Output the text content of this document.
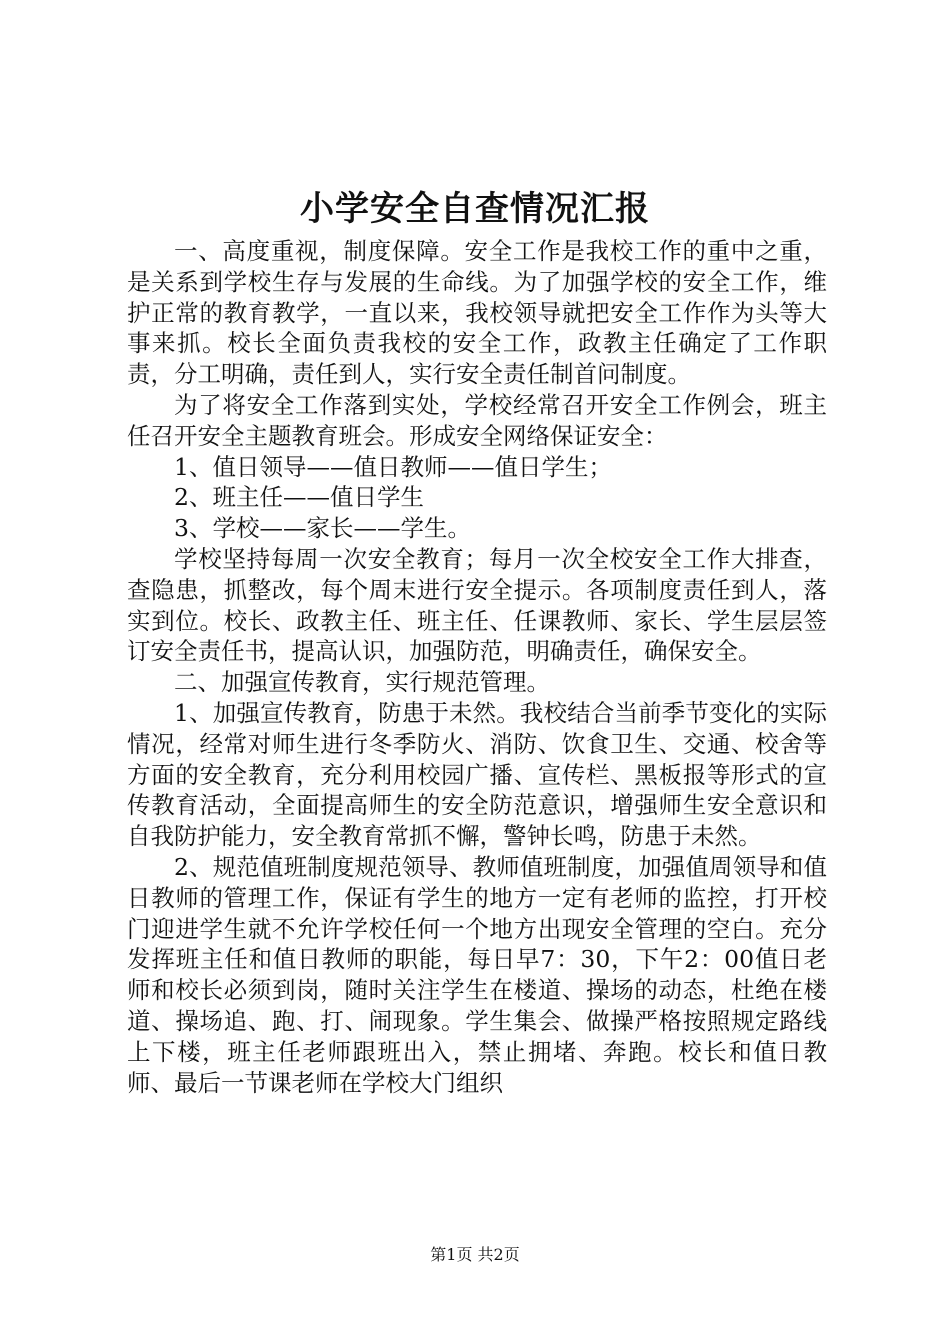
小学安全自查情况汇报

一、高度重视，制度保障。安全工作是我校工作的重中之重，是关系到学校生存与发展的生命线。为了加强学校的安全工作，维护正常的教育教学，一直以来，我校领导就把安全工作作为头等大事来抓。校长全面负责我校的安全工作，政教主任确定了工作职责，分工明确，责任到人，实行安全责任制首问制度。

为了将安全工作落到实处，学校经常召开安全工作例会，班主任召开安全主题教育班会。形成安全网络保证安全：

1、值日领导——值日教师——值日学生；

2、班主任——值日学生

3、学校——家长——学生。

学校坚持每周一次安全教育；每月一次全校安全工作大排查，查隐患，抓整改，每个周末进行安全提示。各项制度责任到人，落实到位。校长、政教主任、班主任、任课教师、家长、学生层层签订安全责任书，提高认识，加强防范，明确责任，确保安全。

二、加强宣传教育，实行规范管理。

1、加强宣传教育，防患于未然。我校结合当前季节变化的实际情况，经常对师生进行冬季防火、消防、饮食卫生、交通、校舍等方面的安全教育，充分利用校园广播、宣传栏、黑板报等形式的宣传教育活动，全面提高师生的安全防范意识，增强师生安全意识和自我防护能力，安全教育常抓不懈，警钟长鸣，防患于未然。

2、规范值班制度规范领导、教师值班制度，加强值周领导和值日教师的管理工作，保证有学生的地方一定有老师的监控，打开校门迎进学生就不允许学校任何一个地方出现安全管理的空白。充分发挥班主任和值日教师的职能，每日早7：30，下午2：00值日老师和校长必须到岗，随时关注学生在楼道、操场的动态，杜绝在楼道、操场追、跑、打、闹现象。学生集会、做操严格按照规定路线上下楼，班主任老师跟班出入，禁止拥堵、奔跑。校长和值日教师、最后一节课老师在学校大门组织

第1页 共2页
